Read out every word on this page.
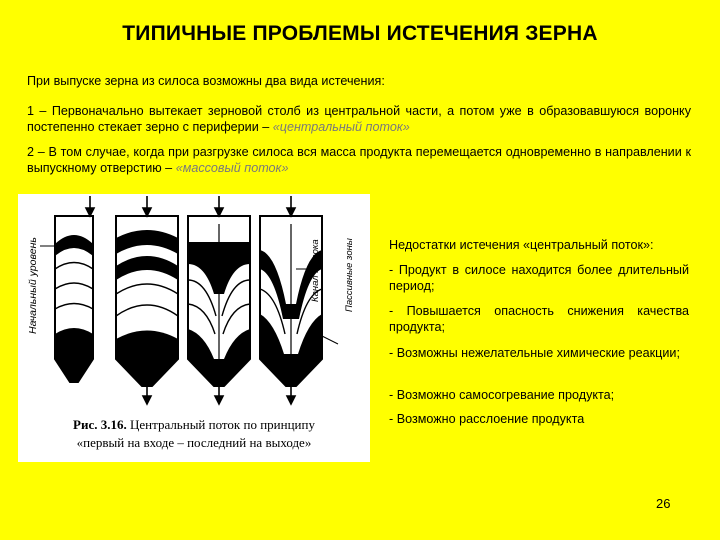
ТИПИЧНЫЕ ПРОБЛЕМЫ ИСТЕЧЕНИЯ ЗЕРНА
При выпуске зерна из силоса возможны два вида истечения:
1 – Первоначально вытекает зерновой столб из центральной части, а потом уже в образовавшуюся воронку постепенно стекает зерно с периферии – «центральный поток»
2 – В том случае, когда при разгрузке силоса вся масса продукта перемещается одновременно в направлении к выпускному отверстию – «массовый поток»
Начальный уровень	Канал потока Пассивные зоны
Рис. 3.16. Центральный поток по принципу
«первый на входе – последний на выходе»
Недостатки истечения «центральный поток»:
- Продукт в силосе находится более длительный период;
- Повышается опасность снижения качества продукта;
- Возможны нежелательные химические реакции;
- Возможно самосогревание продукта;
- Возможно расслоение продукта
26
